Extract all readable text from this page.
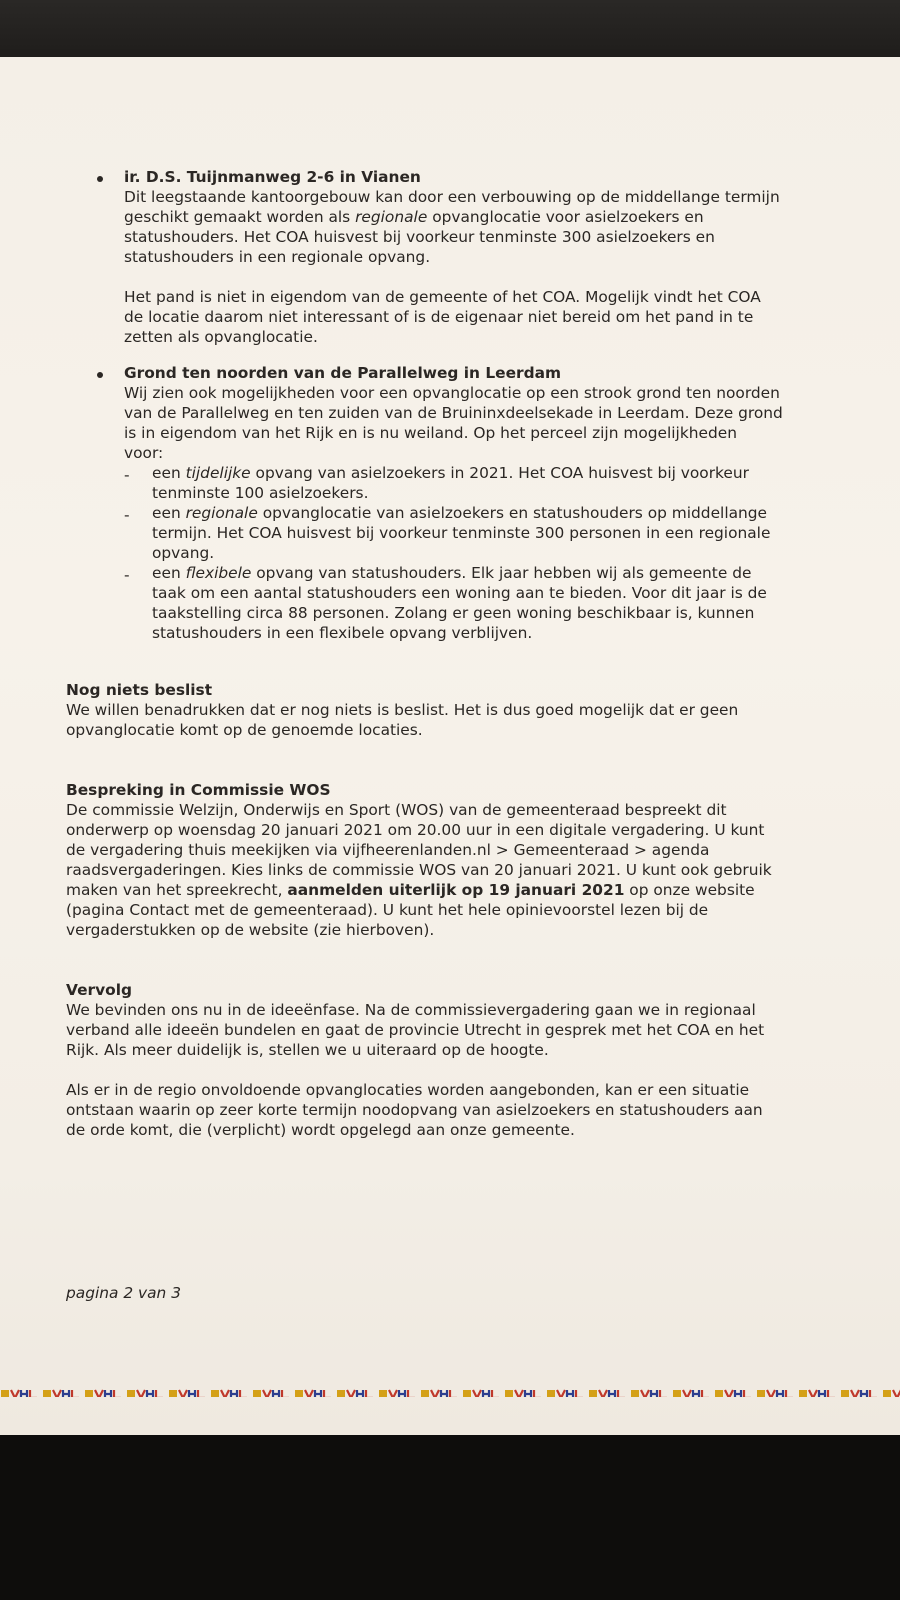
ir. D.S. Tuijnmanweg 2-6 in Vianen

Dit leegstaande kantoorgebouw kan door een verbouwing op de middellange termijn

geschikt gemaakt worden als regionale opvanglocatie voor asielzoekers en

statushouders. Het COA huisvest bij voorkeur tenminste 300 asielzoekers en

statushouders in een regionale opvang.

Het pand is niet in eigendom van de gemeente of het COA. Mogelijk vindt het COA

de locatie daarom niet interessant of is de eigenaar niet bereid om het pand in te

zetten als opvanglocatie.

Grond ten noorden van de Parallelweg in Leerdam

Wij zien ook mogelijkheden voor een opvanglocatie op een strook grond ten noorden

van de Parallelweg en ten zuiden van de Bruininxdeelsekade in Leerdam. Deze grond

is in eigendom van het Rijk en is nu weiland. Op het perceel zijn mogelijkheden

voor:

- een tijdelijke opvang van asielzoekers in 2021. Het COA huisvest bij voorkeur

tenminste 100 asielzoekers.

- een regionale opvanglocatie van asielzoekers en statushouders op middellange

termijn. Het COA huisvest bij voorkeur tenminste 300 personen in een regionale

opvang.

- een flexibele opvang van statushouders. Elk jaar hebben wij als gemeente de

taak om een aantal statushouders een woning aan te bieden. Voor dit jaar is de

taakstelling circa 88 personen. Zolang er geen woning beschikbaar is, kunnen

statushouders in een flexibele opvang verblijven.

Nog niets beslist

We willen benadrukken dat er nog niets is beslist. Het is dus goed mogelijk dat er geen

opvanglocatie komt op de genoemde locaties.

Bespreking in Commissie WOS

De commissie Welzijn, Onderwijs en Sport (WOS) van de gemeenteraad bespreekt dit

onderwerp op woensdag 20 januari 2021 om 20.00 uur in een digitale vergadering. U kunt

de vergadering thuis meekijken via vijfheerenlanden.nl > Gemeenteraad > agenda

raadsvergaderingen. Kies links de commissie WOS van 20 januari 2021. U kunt ook gebruik

maken van het spreekrecht, aanmelden uiterlijk op 19 januari 2021 op onze website

(pagina Contact met de gemeenteraad). U kunt het hele opinievoorstel lezen bij de

vergaderstukken op de website (zie hierboven).

Vervolg

We bevinden ons nu in de ideeënfase. Na de commissievergadering gaan we in regionaal

verband alle ideeën bundelen en gaat de provincie Utrecht in gesprek met het COA en het

Rijk. Als meer duidelijk is, stellen we u uiteraard op de hoogte.

Als er in de regio onvoldoende opvanglocaties worden aangebonden, kan er een situatie

ontstaan waarin op zeer korte termijn noodopvang van asielzoekers en statushouders aan

de orde komt, die (verplicht) wordt opgelegd aan onze gemeente.

pagina 2 van 3
